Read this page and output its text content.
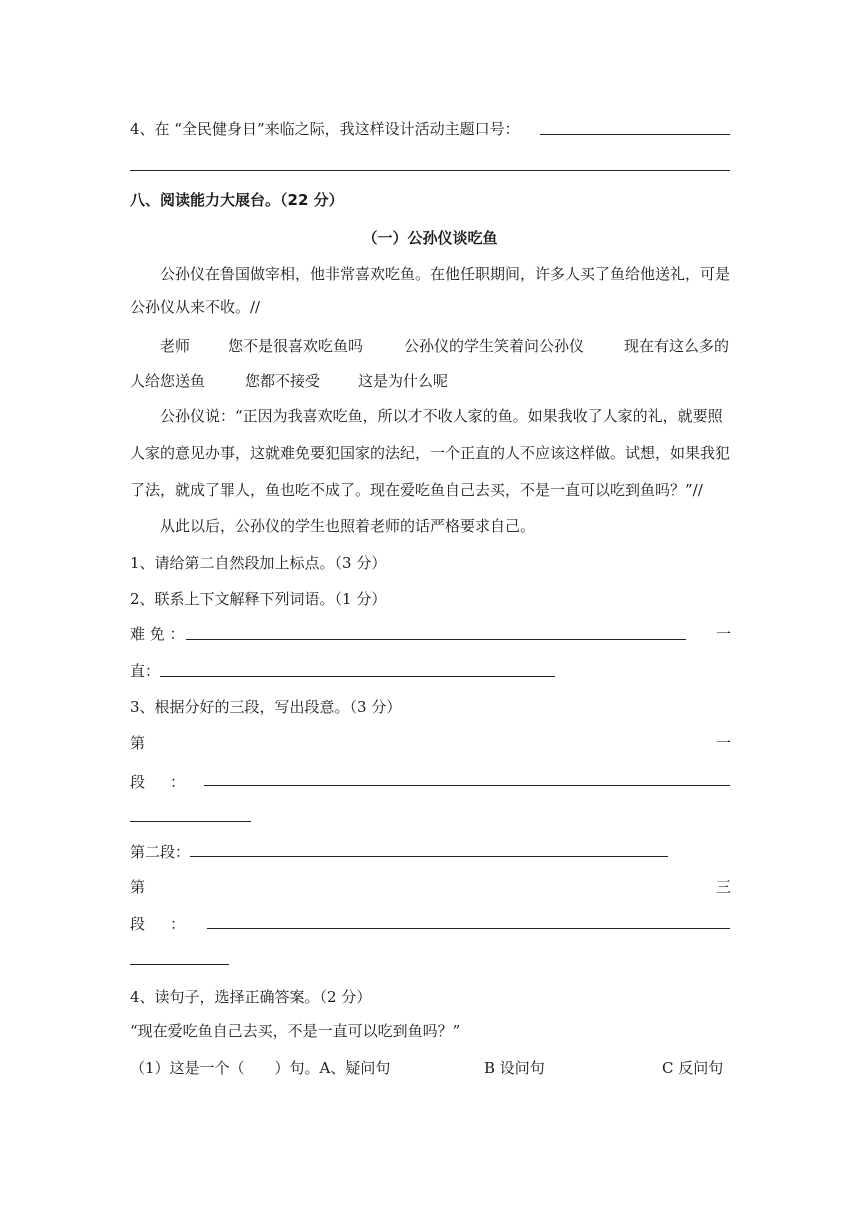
4、在 “全民健身日”来临之际，我这样设计活动主题口号：
八、阅读能力大展台。（22 分）
（一）公孙仪谈吃鱼
公孙仪在鲁国做宰相，他非常喜欢吃鱼。在他任职期间，许多人买了鱼给他送礼，可是
公孙仪从来不收。//
老师	您不是很喜欢吃鱼吗	公孙仪的学生笑着问公孙仪	现在有这么多的
人给您送鱼	您都不接受	这是为什么呢
公孙仪说：“正因为我喜欢吃鱼，所以才不收人家的鱼。如果我收了人家的礼，就要照
人家的意见办事，这就难免要犯国家的法纪，一个正直的人不应该这样做。试想，如果我犯
了法，就成了罪人，鱼也吃不成了。现在爱吃鱼自己去买，不是一直可以吃到鱼吗？”//
从此以后，公孙仪的学生也照着老师的话严格要求自己。
1、请给第二自然段加上标点。（3 分）
2、联系上下文解释下列词语。（1 分）
难 免 ：	一
直：
3、根据分好的三段，写出段意。（3 分）
第	一
段 ：
第二段：
第	三
段 ：
4、读句子，选择正确答案。（2 分）
“现在爱吃鱼自己去买，不是一直可以吃到鱼吗？”
（1）这是一个（　　）句。A、疑问句	B 设问句	C 反问句
